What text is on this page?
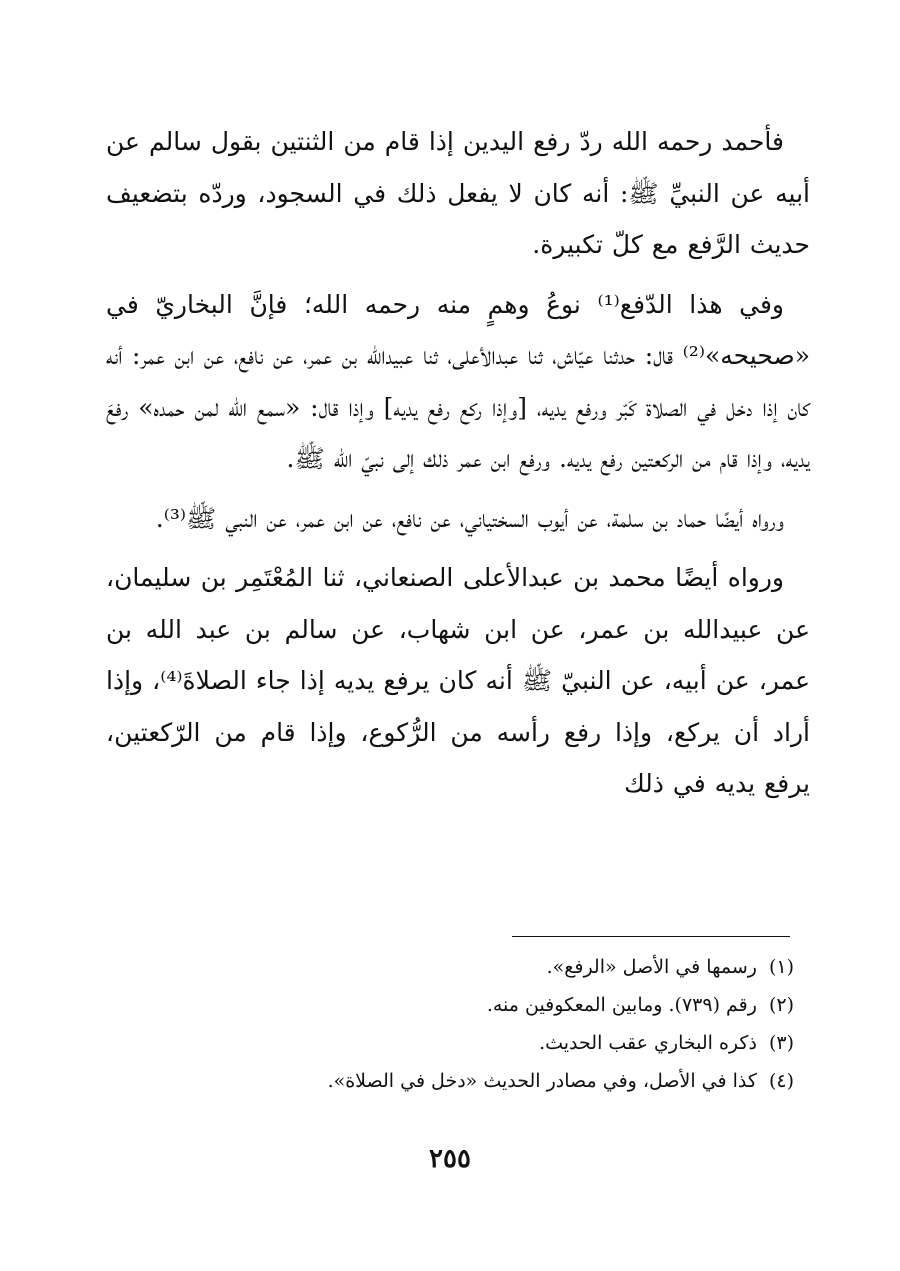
فأحمد رحمه الله ردّ رفع اليدين إذا قام من الثنتين بقول سالم عن أبيه عن النبيِّ ﷺ: أنه كان لا يفعل ذلك في السجود، وردّه بتضعيف حديث الرَّفع مع كلّ تكبيرة.

وفي هذا الدّفع⁽¹⁾ نوعُ وهمٍ منه رحمه الله؛ فإنَّ البخاريّ في «صحيحه»⁽²⁾ قال: حدثنا عيّاش، ثنا عبدالأعلى، ثنا عبيدالله بن عمر، عن نافع، عن ابن عمر: أنه كان إذا دخل في الصلاة كَبّر ورفع يديه، [وإذا ركع رفع يديه] وإذا قال: «سمع الله لمن حمده» رفعَ يديه، وإذا قام من الركعتين رفع يديه. ورفع ابن عمر ذلك إلى نبيّ الله ﷺ.

ورواه أيضًا حماد بن سلمة، عن أيوب السختياني، عن نافع، عن ابن عمر، عن النبي ﷺ⁽³⁾.

ورواه أيضًا محمد بن عبدالأعلى الصنعاني، ثنا المُعْتَمِر بن سليمان، عن عبيدالله بن عمر، عن ابن شهاب، عن سالم بن عبد الله بن عمر، عن أبيه، عن النبيّ ﷺ أنه كان يرفع يديه إذا جاء الصلاةَ⁽⁴⁾، وإذا أراد أن يركع، وإذا رفع رأسه من الرُّكوع، وإذا قام من الرّكعتين، يرفع يديه في ذلك

(١)
رسمها في الأصل «الرفع».
(٢)
رقم (٧٣٩). ومابين المعكوفين منه.
(٣)
ذكره البخاري عقب الحديث.
(٤)
كذا في الأصل، وفي مصادر الحديث «دخل في الصلاة».
٢٥٥
